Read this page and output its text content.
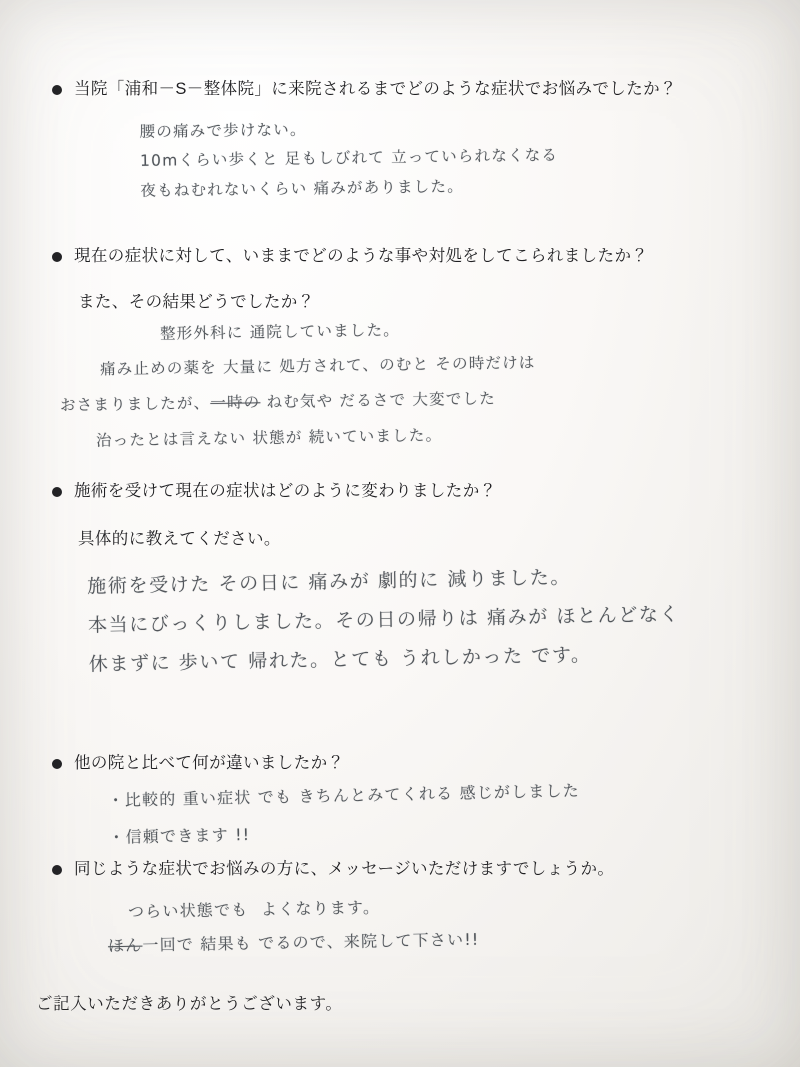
当院「浦和－S－整体院」に来院されるまでどのような症状でお悩みでしたか？
腰の痛みで歩けない。
10mくらい歩くと 足もしびれて 立っていられなくなる
夜もねむれないくらい 痛みがありました。
現在の症状に対して、いままでどのような事や対処をしてこられましたか？
また、その結果どうでしたか？
整形外科に 通院していました。
痛み止めの薬を 大量に 処方されて、のむと その時だけは
おさまりましたが、一時の ねむ気や だるさで 大変でした
治ったとは言えない 状態が 続いていました。
施術を受けて現在の症状はどのように変わりましたか？
具体的に教えてください。
施術を受けた その日に 痛みが 劇的に 減りました。
本当にびっくりしました。その日の帰りは 痛みが ほとんどなく
休まずに 歩いて 帰れた。とても うれしかった です。
他の院と比べて何が違いましたか？
・比較的 重い症状 でも きちんとみてくれる 感じがしました
・信頼できます !!
同じような症状でお悩みの方に、メッセージいただけますでしょうか。
つらい状態でも  よくなります。
ほん一回で 結果も でるので、来院して下さい!!
ご記入いただきありがとうございます。
